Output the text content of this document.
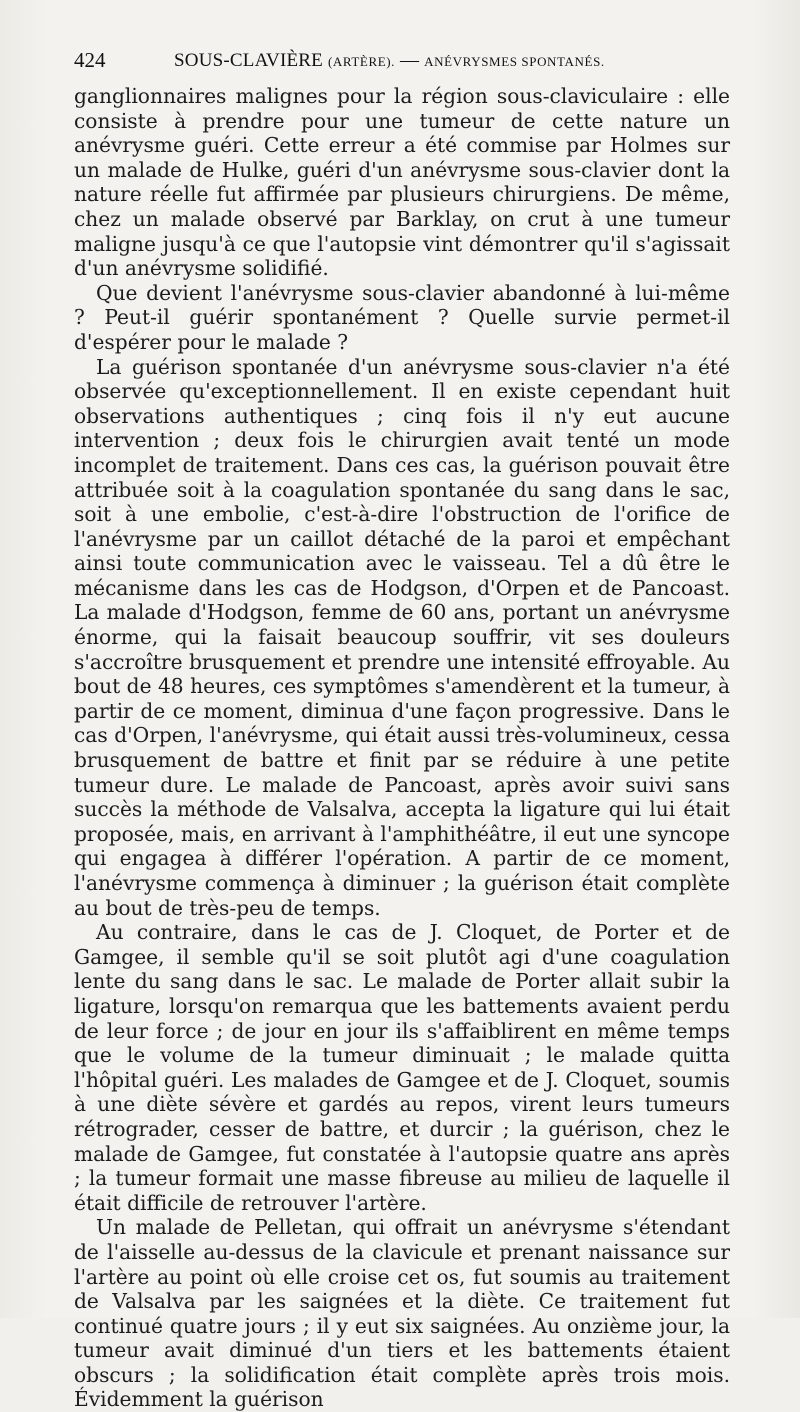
424	SOUS-CLAVIÈRE (ARTÈRE). — ANÉVRYSMES SPONTANÉS.

ganglionnaires malignes pour la région sous-claviculaire : elle consiste à prendre pour une tumeur de cette nature un anévrysme guéri. Cette erreur a été commise par Holmes sur un malade de Hulke, guéri d'un anévrysme sous-clavier dont la nature réelle fut affirmée par plusieurs chirurgiens. De même, chez un malade observé par Barklay, on crut à une tumeur maligne jusqu'à ce que l'autopsie vint démontrer qu'il s'agissait d'un anévrysme solidifié.

Que devient l'anévrysme sous-clavier abandonné à lui-même ? Peut-il guérir spontanément ? Quelle survie permet-il d'espérer pour le malade ?

La guérison spontanée d'un anévrysme sous-clavier n'a été observée qu'exceptionnellement. Il en existe cependant huit observations authentiques ; cinq fois il n'y eut aucune intervention ; deux fois le chirurgien avait tenté un mode incomplet de traitement. Dans ces cas, la guérison pouvait être attribuée soit à la coagulation spontanée du sang dans le sac, soit à une embolie, c'est-à-dire l'obstruction de l'orifice de l'anévrysme par un caillot détaché de la paroi et empêchant ainsi toute communication avec le vaisseau. Tel a dû être le mécanisme dans les cas de Hodgson, d'Orpen et de Pancoast. La malade d'Hodgson, femme de 60 ans, portant un anévrysme énorme, qui la faisait beaucoup souffrir, vit ses douleurs s'accroître brusquement et prendre une intensité effroyable. Au bout de 48 heures, ces symptômes s'amendèrent et la tumeur, à partir de ce moment, diminua d'une façon progressive. Dans le cas d'Orpen, l'anévrysme, qui était aussi très-volumineux, cessa brusquement de battre et finit par se réduire à une petite tumeur dure. Le malade de Pancoast, après avoir suivi sans succès la méthode de Valsalva, accepta la ligature qui lui était proposée, mais, en arrivant à l'amphithéâtre, il eut une syncope qui engagea à différer l'opération. A partir de ce moment, l'anévrysme commença à diminuer ; la guérison était complète au bout de très-peu de temps.

Au contraire, dans le cas de J. Cloquet, de Porter et de Gamgee, il semble qu'il se soit plutôt agi d'une coagulation lente du sang dans le sac. Le malade de Porter allait subir la ligature, lorsqu'on remarqua que les battements avaient perdu de leur force ; de jour en jour ils s'affaiblirent en même temps que le volume de la tumeur diminuait ; le malade quitta l'hôpital guéri. Les malades de Gamgee et de J. Cloquet, soumis à une diète sévère et gardés au repos, virent leurs tumeurs rétrograder, cesser de battre, et durcir ; la guérison, chez le malade de Gamgee, fut constatée à l'autopsie quatre ans après ; la tumeur formait une masse fibreuse au milieu de laquelle il était difficile de retrouver l'artère.

Un malade de Pelletan, qui offrait un anévrysme s'étendant de l'aisselle au-dessus de la clavicule et prenant naissance sur l'artère au point où elle croise cet os, fut soumis au traitement de Valsalva par les saignées et la diète. Ce traitement fut continué quatre jours ; il y eut six saignées. Au onzième jour, la tumeur avait diminué d'un tiers et les battements étaient obscurs ; la solidification était complète après trois mois. Évidemment la guérison
